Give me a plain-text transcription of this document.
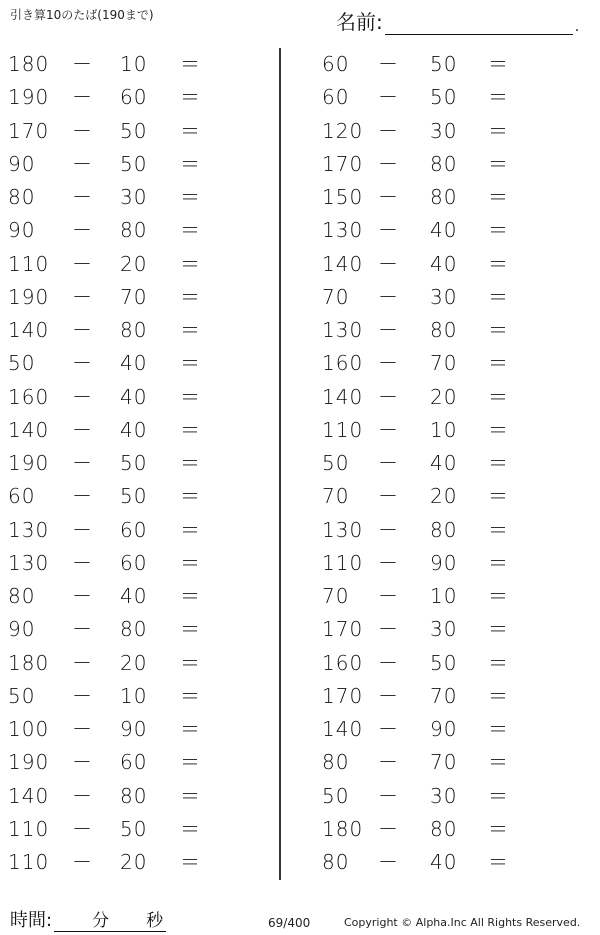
引き算10のたば(190まで)	名前:	.
180 － 10 ＝
190 － 60 ＝
170 － 50 ＝
90 － 50 ＝
80 － 30 ＝
90 － 80 ＝
110 － 20 ＝
190 － 70 ＝
140 － 80 ＝
50 － 40 ＝
160 － 40 ＝
140 － 40 ＝
190 － 50 ＝
60 － 50 ＝
130 － 60 ＝
130 － 60 ＝
80 － 40 ＝
90 － 80 ＝
180 － 20 ＝
50 － 10 ＝
100 － 90 ＝
190 － 60 ＝
140 － 80 ＝
110 － 50 ＝
110 － 20 ＝
60 － 50 ＝
60 － 50 ＝
120 － 30 ＝
170 － 80 ＝
150 － 80 ＝
130 － 40 ＝
140 － 40 ＝
70 － 30 ＝
130 － 80 ＝
160 － 70 ＝
140 － 20 ＝
110 － 10 ＝
50 － 40 ＝
70 － 20 ＝
130 － 80 ＝
110 － 90 ＝
70 － 10 ＝
170 － 30 ＝
160 － 50 ＝
170 － 70 ＝
140 － 90 ＝
80 － 70 ＝
50 － 30 ＝
180 － 80 ＝
80 － 40 ＝
時間: 分 秒	69/400	Copyright © Alpha.Inc All Rights Reserved.
